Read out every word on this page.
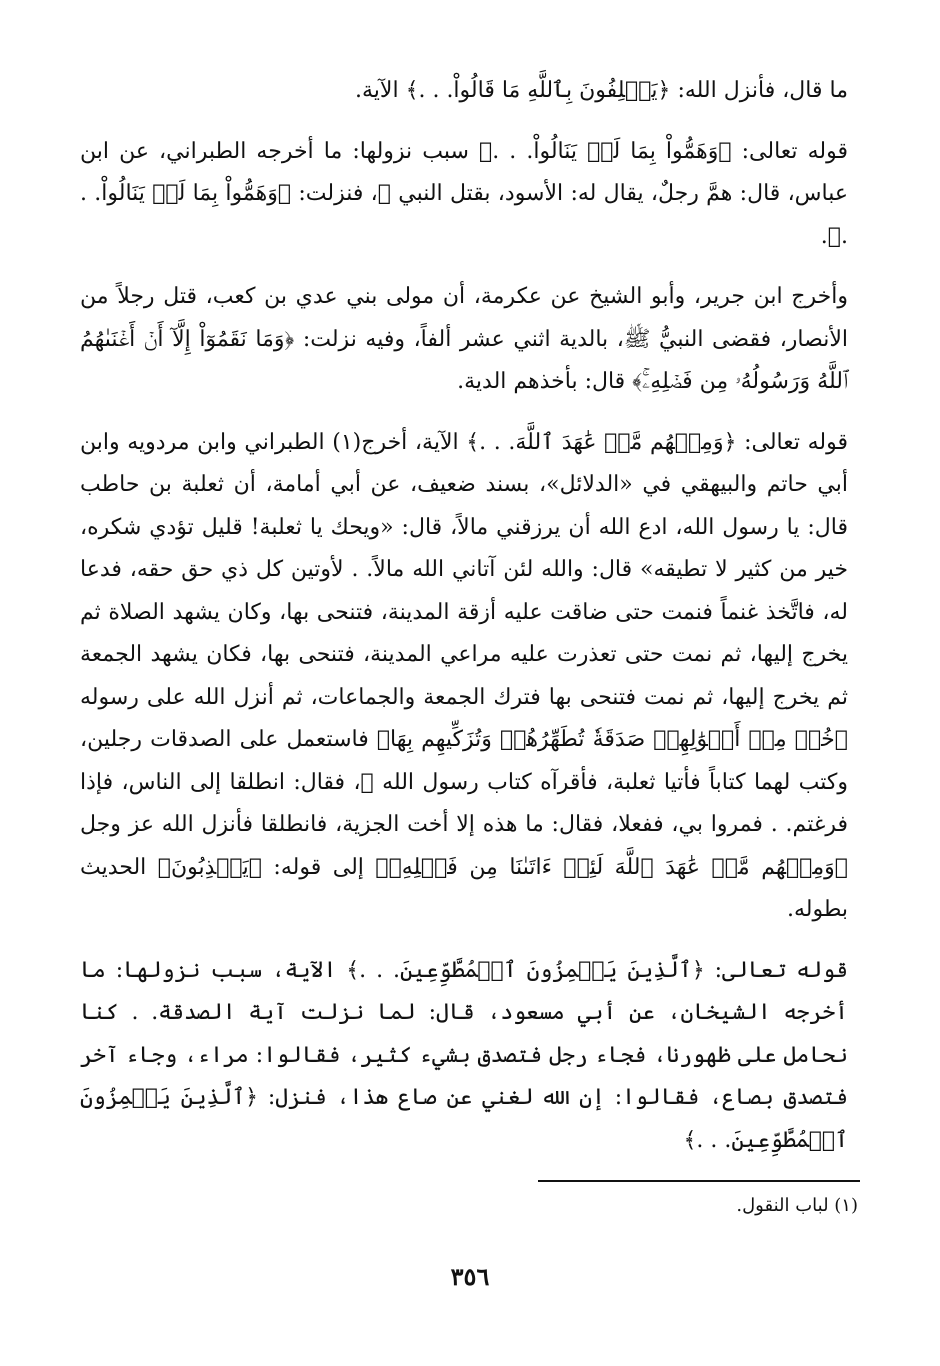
ما قال، فأنزل الله: ﴿يَحۡلِفُونَ بِٱللَّهِ مَا قَالُواْ. . .﴾ الآية.

قوله تعالى: ﴿وَهَمُّواْ بِمَا لَمۡ يَنَالُواْ. . .﴾ سبب نزولها: ما أخرجه الطبراني، عن ابن عباس، قال: همَّ رجلٌ، يقال له: الأسود، بقتل النبي ﷺ، فنزلت: ﴿وَهَمُّواْ بِمَا لَمۡ يَنَالُواْ. . .﴾.

وأخرج ابن جرير، وأبو الشيخ عن عكرمة، أن مولى بني عدي بن كعب، قتل رجلاً من الأنصار، فقضى النبيُّ ﷺ، بالدية اثني عشر ألفاً، وفيه نزلت: ﴿وَمَا نَقَمُوٓاْ إِلَّآ أَنۡ أَغۡنَىٰهُمُ ٱللَّهُ وَرَسُولُهُۥ مِن فَضۡلِهِۦۚ﴾ قال: بأخذهم الدية.

قوله تعالى: ﴿وَمِنۡهُم مَّنۡ عَٰهَدَ ٱللَّهَ. . .﴾ الآية، أخرج(١) الطبراني وابن مردويه وابن أبي حاتم والبيهقي في «الدلائل»، بسند ضعيف، عن أبي أمامة، أن ثعلبة بن حاطب قال: يا رسول الله، ادع الله أن يرزقني مالاً، قال: «ويحك يا ثعلبة! قليل تؤدي شكره، خير من كثير لا تطيقه» قال: والله لئن آتاني الله مالاً. . لأوتين كل ذي حق حقه، فدعا له، فاتَّخذ غنماً فنمت حتى ضاقت عليه أزقة المدينة، فتنحى بها، وكان يشهد الصلاة ثم يخرج إليها، ثم نمت حتى تعذرت عليه مراعي المدينة، فتنحى بها، فكان يشهد الجمعة ثم يخرج إليها، ثم نمت فتنحى بها فترك الجمعة والجماعات، ثم أنزل الله على رسوله ﴿خُذۡ مِنۡ أَمۡوَٰلِهِمۡ صَدَقَةٗ تُطَهِّرُهُمۡ وَتُزَكِّيهِم بِهَا﴾ فاستعمل على الصدقات رجلين، وكتب لهما كتاباً فأتيا ثعلبة، فأقرآه كتاب رسول الله ﷺ، فقال: انطلقا إلى الناس، فإذا فرغتم. . فمروا بي، ففعلا، فقال: ما هذه إلا أخت الجزية، فانطلقا فأنزل الله عز وجل ﴿وَمِنۡهُم مَّنۡ عَٰهَدَ ٱللَّهَ لَئِنۡ ءَاتَىٰنَا مِن فَضۡلِهِۦ﴾ إلى قوله: ﴿يَكۡذِبُونَ﴾ الحديث بطوله.

قوله تعالى: ﴿ٱلَّذِينَ يَلۡمِزُونَ ٱلۡمُطَّوِّعِينَ. . .﴾ الآية، سبب نزولها: ما أخرجه الشيخان، عن أبي مسعود، قال: لما نزلت آية الصدقة. . كنا نحامل على ظهورنا، فجاء رجل فتصدق بشيء كثير، فقالوا: مراء، وجاء آخر فتصدق بصاع، فقالوا: إن الله لغني عن صاع هذا، فنزل: ﴿ٱلَّذِينَ يَلۡمِزُونَ ٱلۡمُطَّوِّعِينَ. . .﴾

(١) لباب النقول.
٣٥٦
